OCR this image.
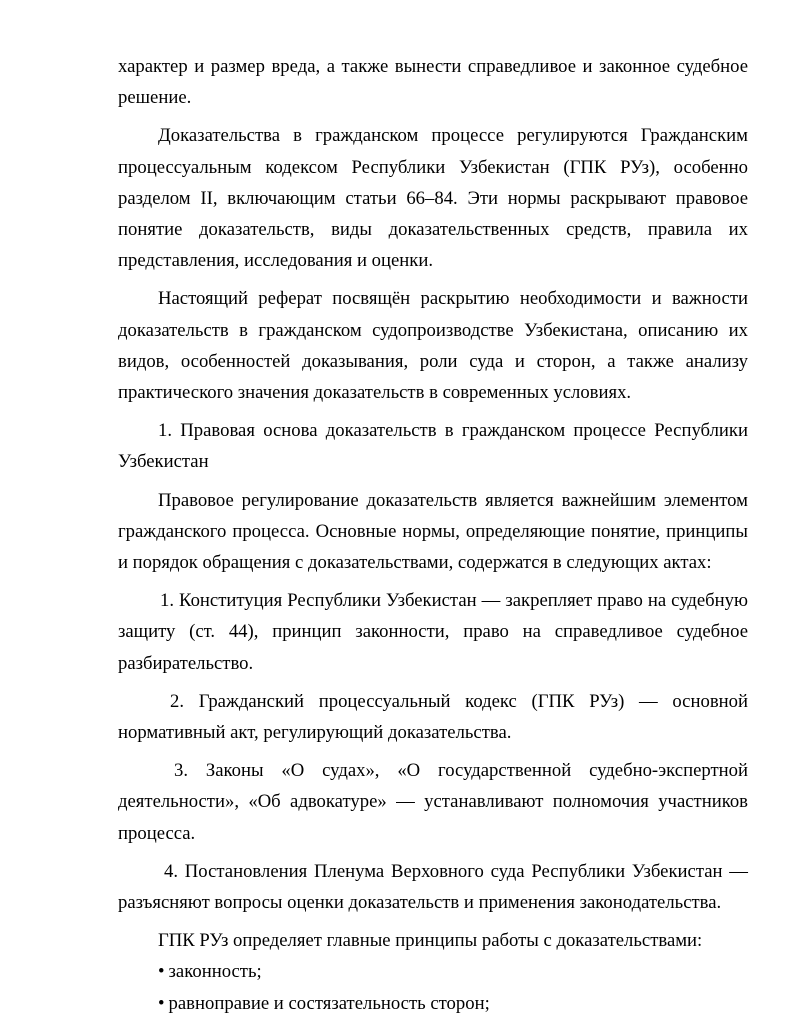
характер и размер вреда, а также вынести справедливое и законное судебное решение.

Доказательства в гражданском процессе регулируются Гражданским процессуальным кодексом Республики Узбекистан (ГПК РУз), особенно разделом II, включающим статьи 66–84. Эти нормы раскрывают правовое понятие доказательств, виды доказательственных средств, правила их представления, исследования и оценки.

Настоящий реферат посвящён раскрытию необходимости и важности доказательств в гражданском судопроизводстве Узбекистана, описанию их видов, особенностей доказывания, роли суда и сторон, а также анализу практического значения доказательств в современных условиях.

1. Правовая основа доказательств в гражданском процессе Республики Узбекистан

Правовое регулирование доказательств является важнейшим элементом гражданского процесса. Основные нормы, определяющие понятие, принципы и порядок обращения с доказательствами, содержатся в следующих актах:

1. Конституция Республики Узбекистан — закрепляет право на судебную защиту (ст. 44), принцип законности, право на справедливое судебное разбирательство.

2. Гражданский процессуальный кодекс (ГПК РУз) — основной нормативный акт, регулирующий доказательства.

3. Законы «О судах», «О государственной судебно-экспертной деятельности», «Об адвокатуре» — устанавливают полномочия участников процесса.

4. Постановления Пленума Верховного суда Республики Узбекистан — разъясняют вопросы оценки доказательств и применения законодательства.

ГПК РУз определяет главные принципы работы с доказательствами:

• законность;

• равноправие и состязательность сторон;
